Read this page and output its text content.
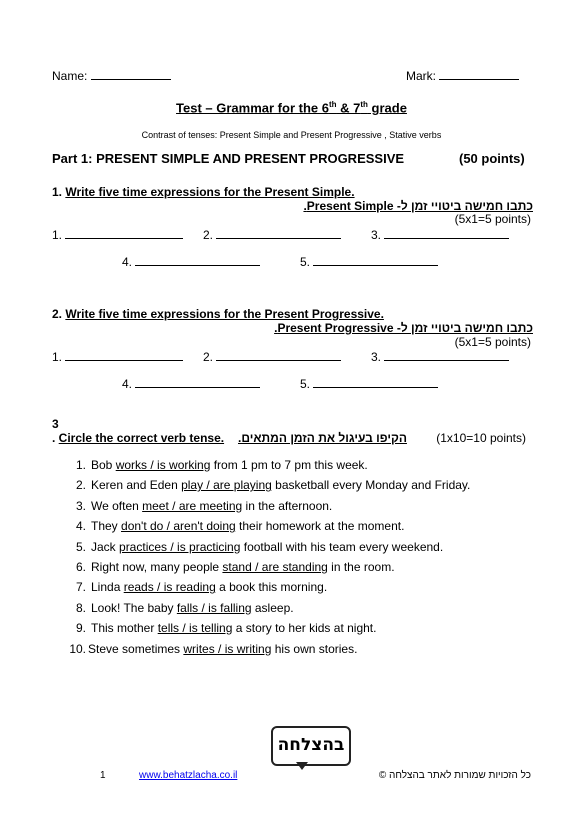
Name:	Mark:
Test – Grammar for the 6th & 7th grade
Contrast of tenses: Present Simple and Present Progressive , Stative verbs
Part 1: PRESENT SIMPLE AND PRESENT PROGRESSIVE	(50 points)
1. Write five time expressions for the Present Simple.
כתבו חמישה ביטויי זמן ל- Present Simple.
(5x1=5 points)
1.	2.	3.
4.	5.
2. Write five time expressions for the Present Progressive.
כתבו חמישה ביטויי זמן ל- Present Progressive.
(5x1=5 points)
1.	2.	3.
4.	5.
3
. Circle the correct verb tense. הקיפו בעיגול את הזמן המתאים. (1x10=10 points)
1. Bob works / is working from 1 pm to 7 pm this week.
2. Keren and Eden play / are playing basketball every Monday and Friday.
3. We often meet / are meeting in the afternoon.
4. They don't do / aren't doing their homework at the moment.
5. Jack practices / is practicing football with his team every weekend.
6. Right now, many people stand / are standing in the room.
7. Linda reads / is reading a book this morning.
8. Look! The baby falls / is falling asleep.
9. This mother tells / is telling a story to her kids at night.
10. Steve sometimes writes / is writing his own stories.
בהצלחה
1	www.behatzlacha.co.il	כל הזכויות שמורות לאתר בהצלחה ©
